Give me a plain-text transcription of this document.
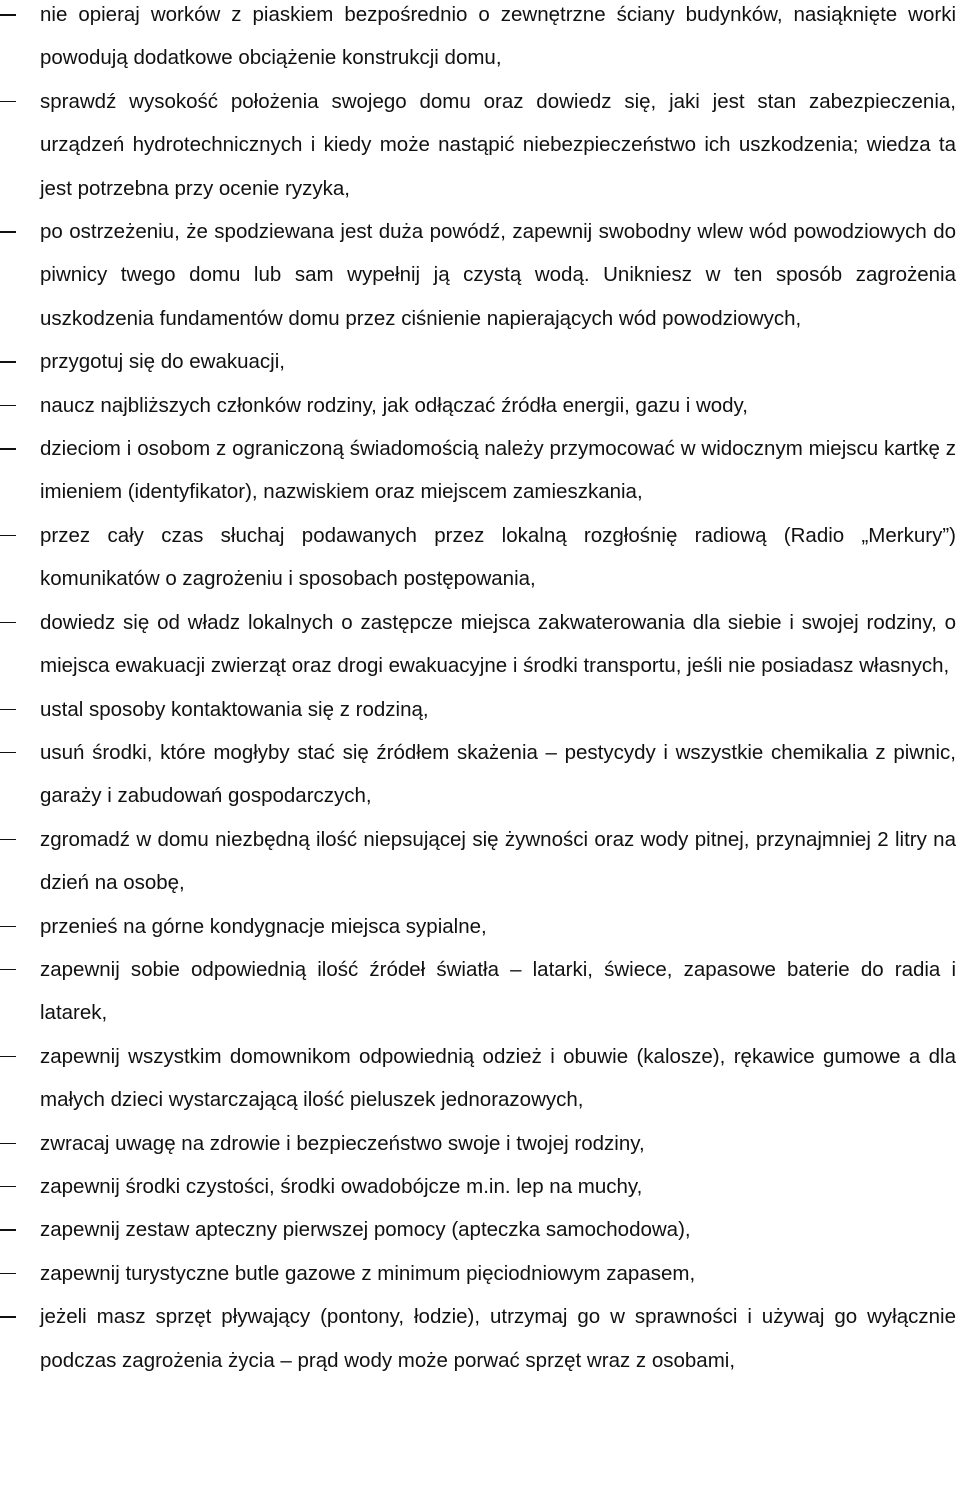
nie opieraj worków z piaskiem bezpośrednio o zewnętrzne ściany budynków, nasiąknięte worki powodują dodatkowe obciążenie konstrukcji domu,
sprawdź wysokość położenia swojego domu oraz dowiedz się, jaki jest stan zabezpieczenia, urządzeń hydrotechnicznych i kiedy może nastąpić niebezpieczeństwo ich uszkodzenia; wiedza ta jest potrzebna przy ocenie ryzyka,
po ostrzeżeniu, że spodziewana jest duża powódź, zapewnij swobodny wlew wód powodziowych do piwnicy twego domu lub sam wypełnij ją czystą wodą. Unikniesz w ten sposób zagrożenia uszkodzenia fundamentów domu przez ciśnienie napierających wód powodziowych,
przygotuj się do ewakuacji,
naucz najbliższych członków rodziny, jak odłączać źródła energii, gazu i wody,
dzieciom i osobom z ograniczoną świadomością należy przymocować w widocznym miejscu kartkę z imieniem (identyfikator), nazwiskiem oraz miejscem zamieszkania,
przez cały czas słuchaj podawanych przez lokalną rozgłośnię radiową (Radio „Merkury”) komunikatów o zagrożeniu i sposobach postępowania,
dowiedz się od władz lokalnych o zastępcze miejsca zakwaterowania dla siebie i swojej rodziny, o miejsca ewakuacji zwierząt oraz drogi ewakuacyjne i środki transportu, jeśli nie posiadasz własnych,
ustal sposoby kontaktowania się z rodziną,
usuń środki, które mogłyby stać się źródłem skażenia – pestycydy i wszystkie chemikalia z piwnic, garaży i zabudowań gospodarczych,
zgromadź w domu niezbędną ilość niepsującej się żywności oraz wody pitnej, przynajmniej 2 litry na dzień na osobę,
przenieś na górne kondygnacje miejsca sypialne,
zapewnij sobie odpowiednią ilość źródeł światła – latarki, świece, zapasowe baterie do radia i latarek,
zapewnij wszystkim domownikom odpowiednią odzież i obuwie (kalosze), rękawice gumowe a dla małych dzieci wystarczającą ilość pieluszek jednorazowych,
zwracaj uwagę na zdrowie i bezpieczeństwo swoje i twojej rodziny,
zapewnij środki czystości, środki owadobójcze m.in. lep na muchy,
zapewnij zestaw apteczny pierwszej pomocy (apteczka samochodowa),
zapewnij turystyczne butle gazowe z minimum pięciodniowym zapasem,
jeżeli masz sprzęt pływający (pontony, łodzie), utrzymaj go w sprawności i używaj go wyłącznie podczas zagrożenia życia – prąd wody może porwać sprzęt wraz z osobami,
